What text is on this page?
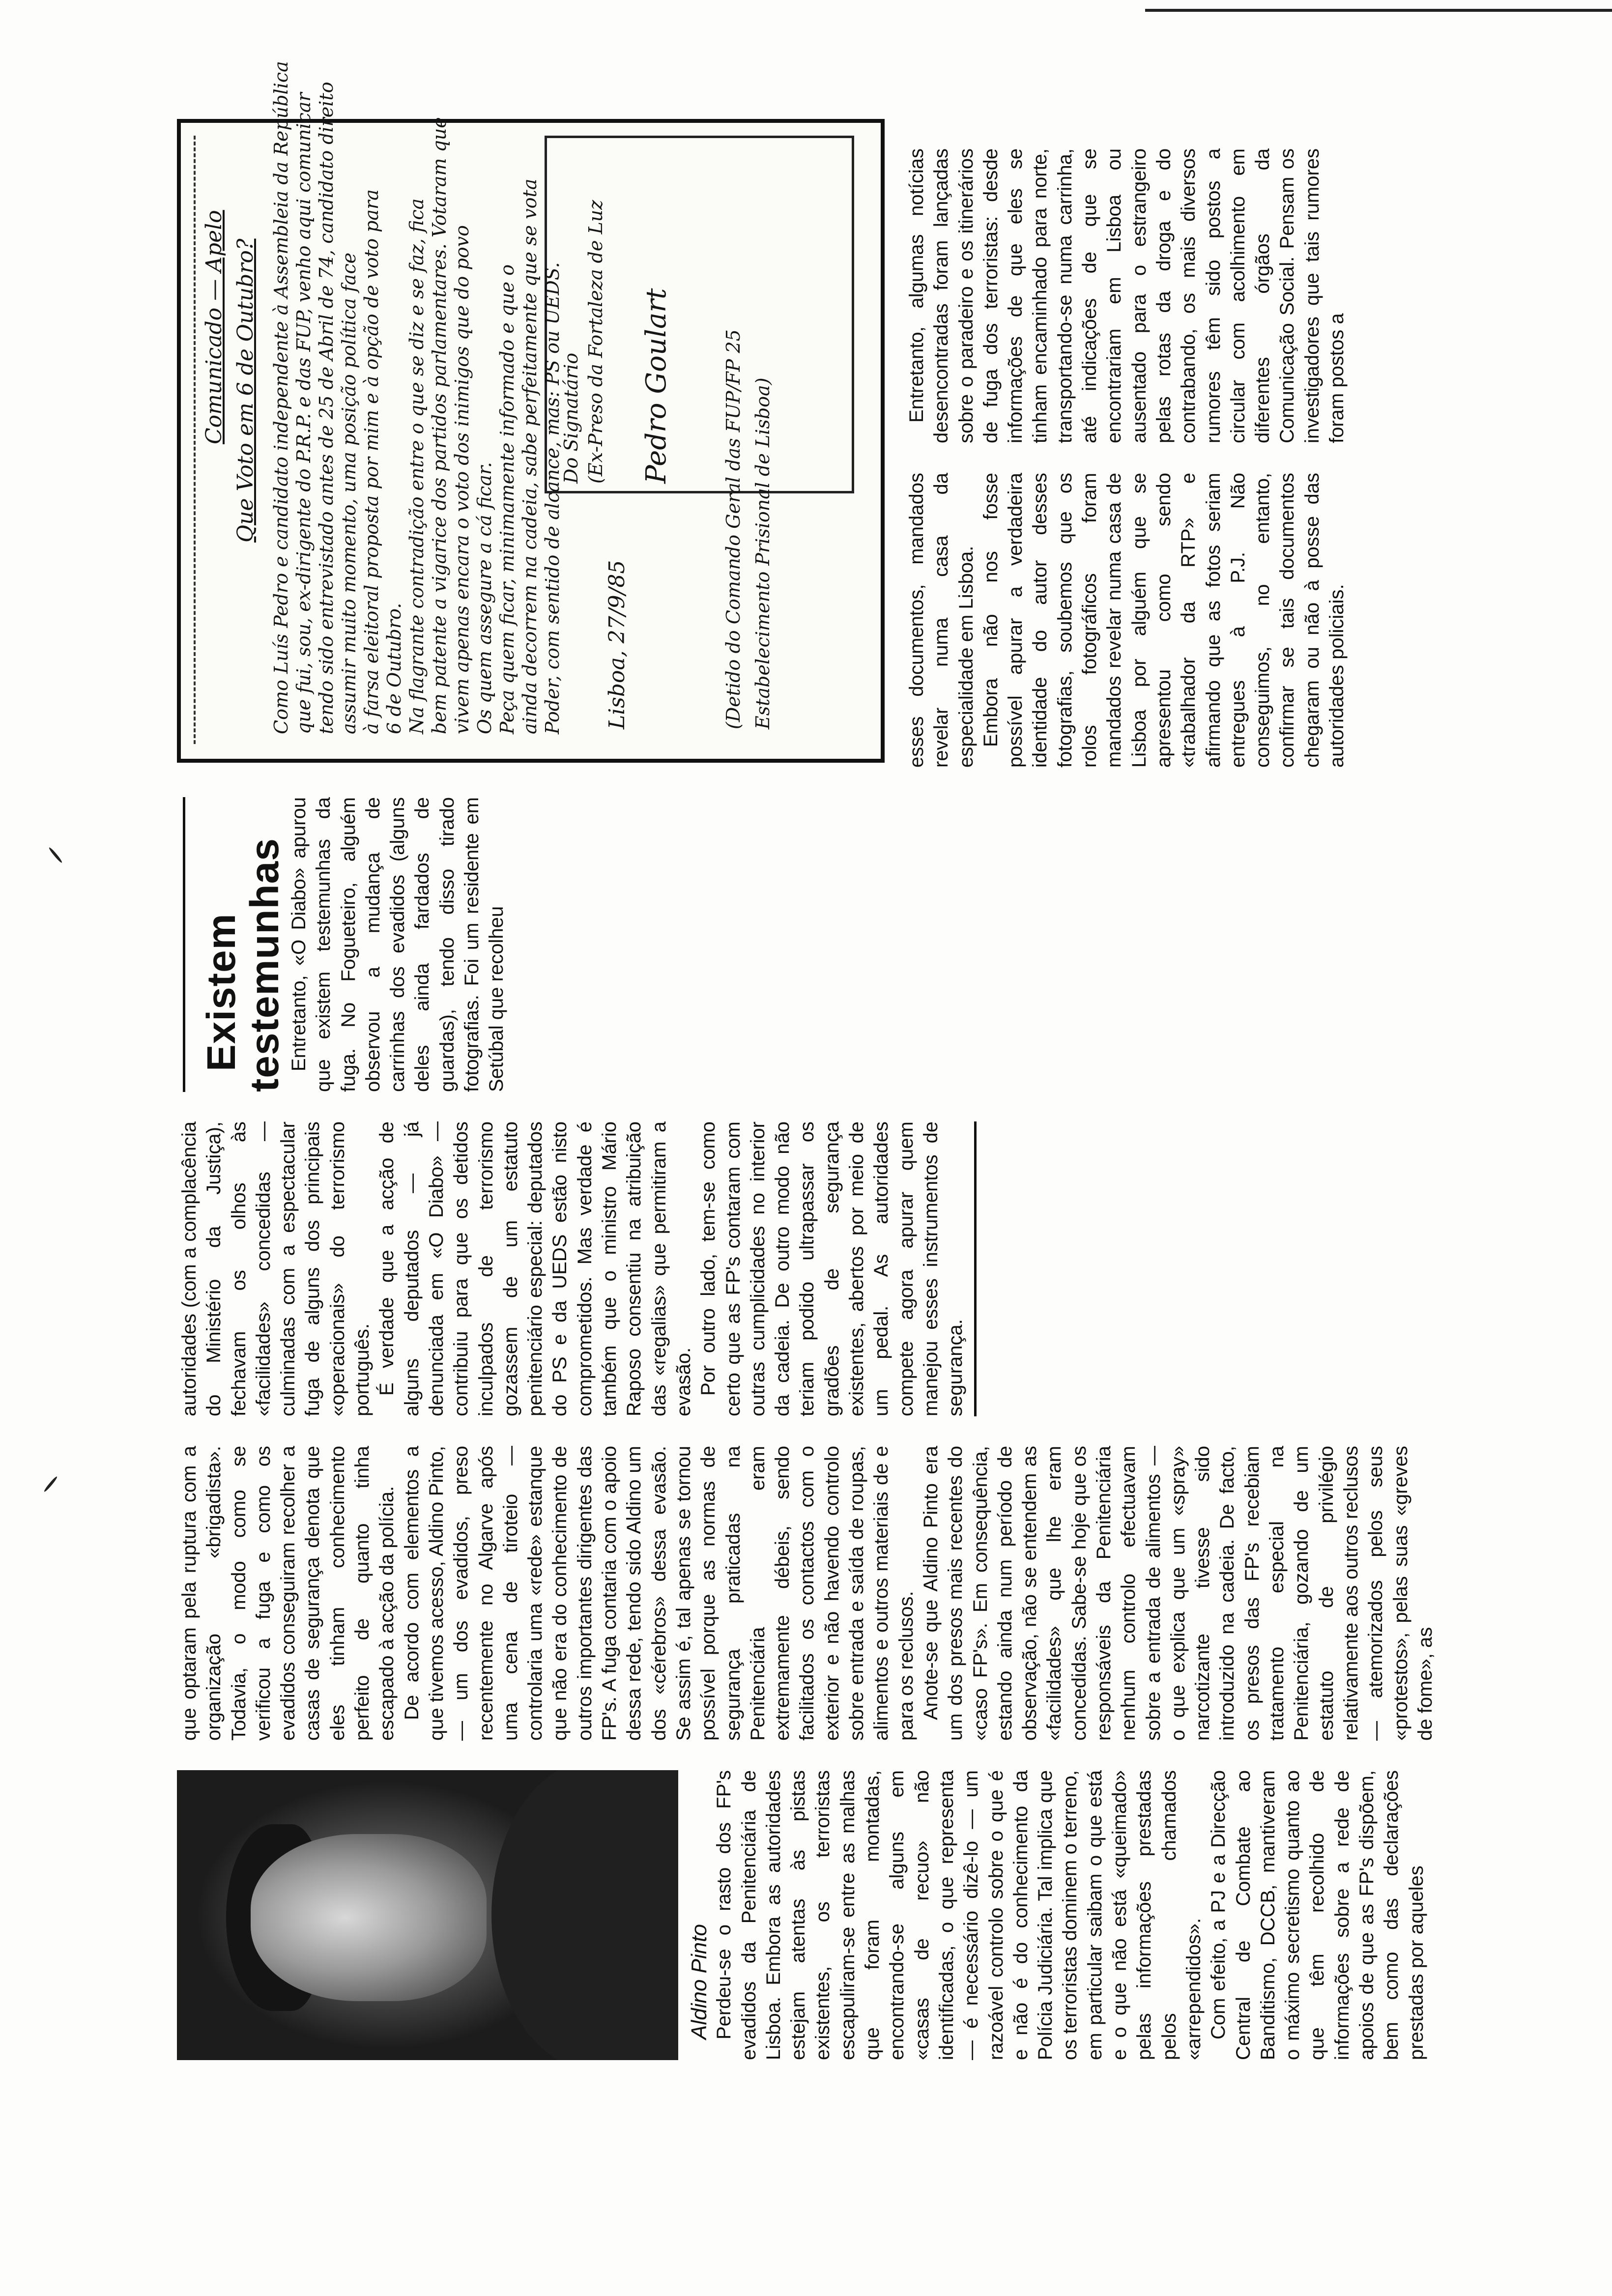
Aldino Pinto Perdeu-se o rasto dos FP's evadidos da Penitenciária de Lisboa. Embora as autoridades estejam atentas às pistas existentes, os terroristas escapuliram-se entre as malhas que foram montadas, encontrando-se alguns em «casas de recuo» não identificadas, o que representa — é necessário dizê-lo — um razoável controlo sobre o que é e não é do conhecimento da Polícia Judiciária. Tal implica que os terroristas dominem o terreno, em particular saibam o que está e o que não está «queimado» pelas informações prestadas pelos chamados «arrependidos». Com efeito, a PJ e a Direcção Central de Combate ao Banditismo, DCCB, mantiveram o máximo secretismo quanto ao que têm recolhido de informações sobre a rede de apoios de que as FP's dispõem, bem como das declarações prestadas por aqueles

que optaram pela ruptura com a organização «brigadista». Todavia, o modo como se verificou a fuga e como os evadidos conseguiram recolher a casas de segurança denota que eles tinham conhecimento perfeito de quanto tinha escapado à acção da polícia. De acordo com elementos a que tivemos acesso, Aldino Pinto, — um dos evadidos, preso recentemente no Algarve após uma cena de tiroteio — controlaria uma «rede» estanque que não era do conhecimento de outros importantes dirigentes das FP's. A fuga contaria com o apoio dessa rede, tendo sido Aldino um dos «cérebros» dessa evasão. Se assim é, tal apenas se tornou possível porque as normas de segurança praticadas na Penitenciária eram extremamente débeis, sendo facilitados os contactos com o exterior e não havendo controlo sobre entrada e saída de roupas, alimentos e outros materiais de e para os reclusos. Anote-se que Aldino Pinto era um dos presos mais recentes do «caso FP's». Em consequência, estando ainda num período de observação, não se entendem as «facilidades» que lhe eram concedidas. Sabe-se hoje que os responsáveis da Penitenciária nenhum controlo efectuavam sobre a entrada de alimentos — o que explica que um «spray» narcotizante tivesse sido introduzido na cadeia. De facto, os presos das FP's recebiam tratamento especial na Penitenciária, gozando de um estatuto de privilégio relativamente aos outros reclusos — atemorizados pelos seus «protestos», pelas suas «greves de fome», as

autoridades (com a complacência do Ministério da Justiça), fechavam os olhos às «facilidades» concedidas — culminadas com a espectacular fuga de alguns dos principais «operacionais» do terrorismo português. É verdade que a acção de alguns deputados — já denunciada em «O Diabo» — contribuiu para que os detidos inculpados de terrorismo gozassem de um estatuto penitenciário especial: deputados do PS e da UEDS estão nisto comprometidos. Mas verdade é também que o ministro Mário Raposo consentiu na atribuição das «regalias» que permitiram a evasão. Por outro lado, tem-se como certo que as FP's contaram com outras cumplicidades no interior da cadeia. De outro modo não teriam podido ultrapassar os gradões de segurança existentes, abertos por meio de um pedal. As autoridades compete agora apurar quem manejou esses instrumentos de segurança.

Existem testemunhas Entretanto, «O Diabo» apurou que existem testemunhas da fuga. No Fogueteiro, alguém observou a mudança de carrinhas dos evadidos (alguns deles ainda fardados de guardas), tendo disso tirado fotografias. Foi um residente em Setúbal que recolheu

esses documentos, mandados revelar numa casa da especialidade em Lisboa. Embora não nos fosse possível apurar a verdadeira identidade do autor desses fotografias, soubemos que os rolos fotográficos foram mandados revelar numa casa de Lisboa por alguém que se apresentou como sendo «trabalhador da RTP» e afirmando que as fotos seriam entregues à P.J. Não conseguimos, no entanto, confirmar se tais documentos chegaram ou não à posse das autoridades policiais.

Entretanto, algumas notícias desencontradas foram lançadas sobre o paradeiro e os itinerários de fuga dos terroristas: desde informações de que eles se tinham encaminhado para norte, transportando-se numa carrinha, até indicações de que se encontrariam em Lisboa ou ausentado para o estrangeiro pelas rotas da droga e do contrabando, os mais diversos rumores têm sido postos a circular com acolhimento em diferentes órgãos da Comunicação Social. Pensam os investigadores que tais rumores foram postos a

Comunicado — Apelo Que Voto em 6 de Outubro? Como Luís Pedro e candidato independente à Assembleia da República que fui, sou, ex-dirigente do P.R.P. e das FUP, venho aqui comunicar tendo sido entrevistado antes de 25 de Abril de 74, candidato direito assumir muito momento, uma posição política face à farsa eleitoral proposta por mim e à opção de voto para 6 de Outubro. Na flagrante contradição entre o que se diz e se faz, fica bem patente a vigarice dos partidos parlamentares. Votaram que vivem apenas encara o voto dos inimigos que do povo Os quem assegure a cá ficar. Peça quem ficar, minimamente informado e que o ainda decorrem na cadeia, sabe perfeitamente que se vota Poder, com sentido de alcance, mas: PS ou UEDS. Lisboa, 27/9/85

Pedro Goulart

Do Signatário (Ex-Preso da Fortaleza de Luz	(Detido do Comando Geral das FUP/FP 25 Estabelecimento Prisional de Lisboa)
